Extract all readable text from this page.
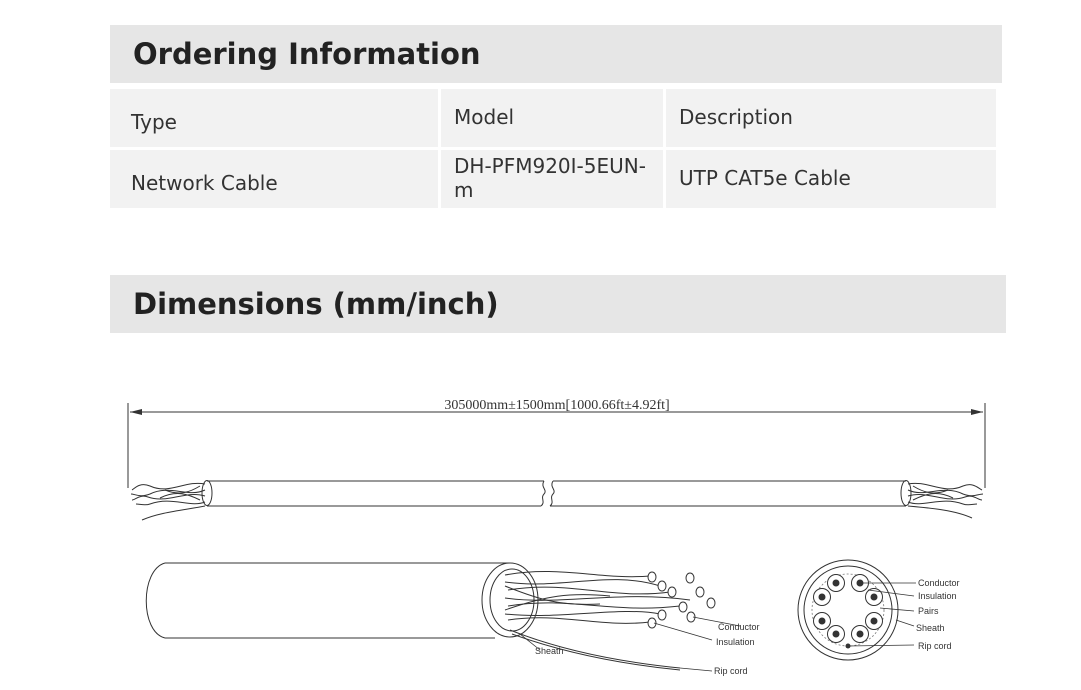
Ordering Information
Type	Model	Description
Network Cable	DH-PFM920I-5EUN-m	UTP CAT5e Cable
Dimensions (mm/inch)
305000mm±1500mm[1000.66ft±4.92ft]
Conductor
Insulation
Sheath
Rip cord
Conductor
Insulation
Pairs
Sheath
Rip cord
